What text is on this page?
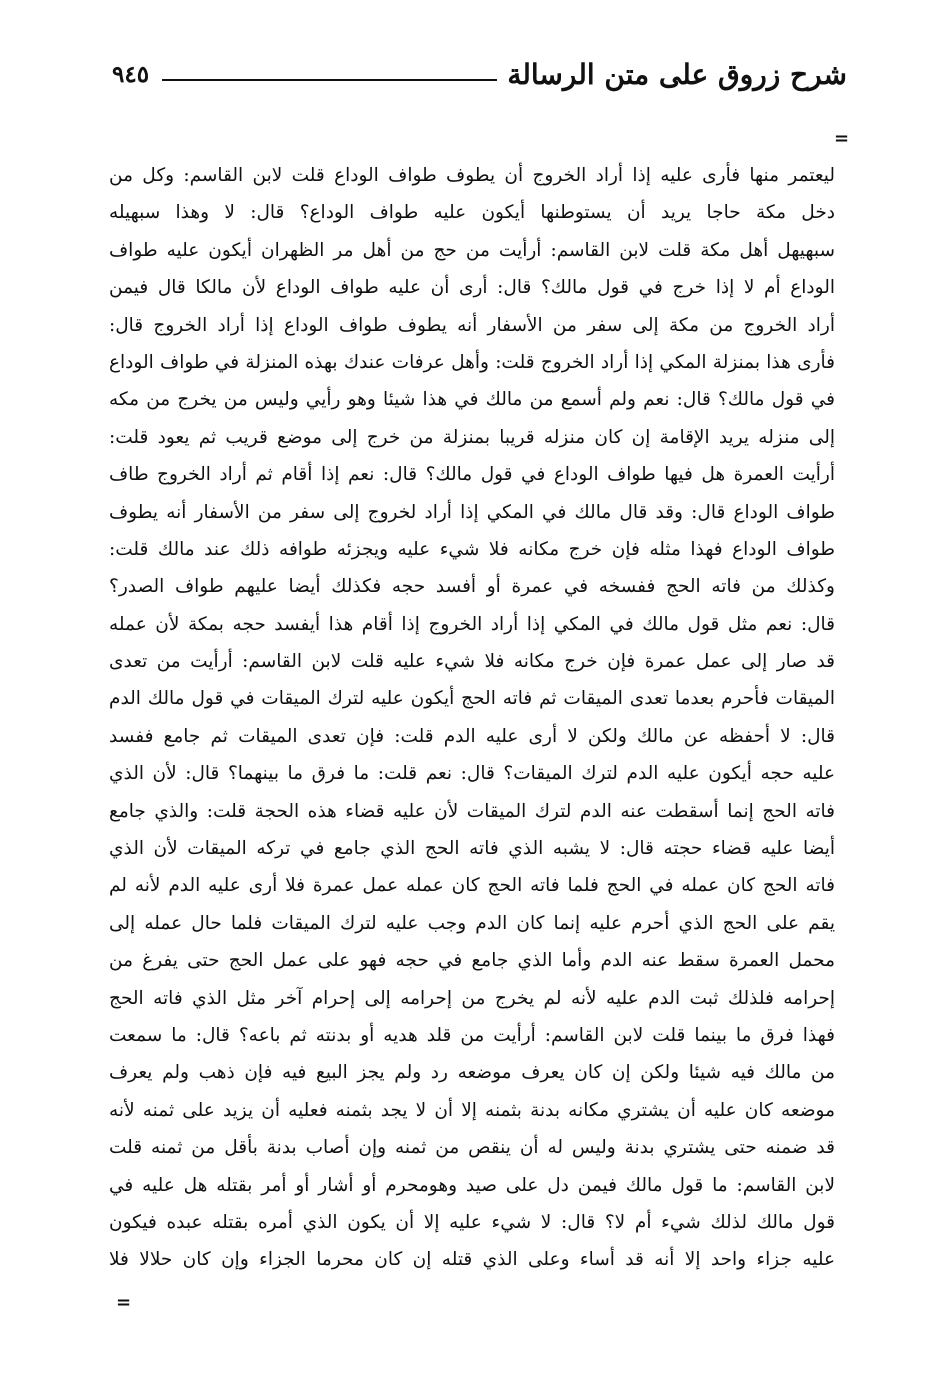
شرح زروق على متن الرسالة
٩٤٥
=
ليعتمر منها فأرى عليه إذا أراد الخروج أن يطوف طواف الوداع قلت لابن القاسم: وكل من
دخل مكة حاجا يريد أن يستوطنها أيكون عليه طواف الوداع؟ قال: لا وهذا سبهيله
سبهيهل أهل مكة قلت لابن القاسم: أرأيت من حج من أهل مر الظهران أيكون عليه طواف
الوداع أم لا إذا خرج في قول مالك؟ قال: أرى أن عليه طواف الوداع لأن مالكا قال فيمن
أراد الخروج من مكة إلى سفر من الأسفار أنه يطوف طواف الوداع إذا أراد الخروج قال:
فأرى هذا بمنزلة المكي إذا أراد الخروج قلت: وأهل عرفات عندك بهذه المنزلة في طواف الوداع
في قول مالك؟ قال: نعم ولم أسمع من مالك في هذا شيئا وهو رأيي وليس من يخرج من مكه
إلى منزله يريد الإقامة إن كان منزله قريبا بمنزلة من خرج إلى موضع قريب ثم يعود قلت:
أرأيت العمرة هل فيها طواف الوداع في قول مالك؟ قال: نعم إذا أقام ثم أراد الخروج طاف
طواف الوداع قال: وقد قال مالك في المكي إذا أراد لخروج إلى سفر من الأسفار أنه يطوف
طواف الوداع فهذا مثله فإن خرج مكانه فلا شيء عليه ويجزئه طوافه ذلك عند مالك قلت:
وكذلك من فاته الحج ففسخه في عمرة أو أفسد حجه فكذلك أيضا عليهم طواف الصدر؟
قال: نعم مثل قول مالك في المكي إذا أراد الخروج إذا أقام هذا أيفسد حجه بمكة لأن عمله
قد صار إلى عمل عمرة فإن خرج مكانه فلا شيء عليه قلت لابن القاسم: أرأيت من تعدى
الميقات فأحرم بعدما تعدى الميقات ثم فاته الحج أيكون عليه لترك الميقات في قول مالك الدم
قال: لا أحفظه عن مالك ولكن لا أرى عليه الدم قلت: فإن تعدى الميقات ثم جامع ففسد
عليه حجه أيكون عليه الدم لترك الميقات؟ قال: نعم قلت: ما فرق ما بينهما؟ قال: لأن الذي
فاته الحج إنما أسقطت عنه الدم لترك الميقات لأن عليه قضاء هذه الحجة قلت: والذي جامع
أيضا عليه قضاء حجته قال: لا يشبه الذي فاته الحج الذي جامع في تركه الميقات لأن الذي
فاته الحج كان عمله في الحج فلما فاته الحج كان عمله عمل عمرة فلا أرى عليه الدم لأنه لم
يقم على الحج الذي أحرم عليه إنما كان الدم وجب عليه لترك الميقات فلما حال عمله إلى
محمل العمرة سقط عنه الدم وأما الذي جامع في حجه فهو على عمل الحج حتى يفرغ من
إحرامه فلذلك ثبت الدم عليه لأنه لم يخرج من إحرامه إلى إحرام آخر مثل الذي فاته الحج
فهذا فرق ما بينما قلت لابن القاسم: أرأيت من قلد هديه أو بدنته ثم باعه؟ قال: ما سمعت
من مالك فيه شيئا ولكن إن كان يعرف موضعه رد ولم يجز البيع فيه فإن ذهب ولم يعرف
موضعه كان عليه أن يشتري مكانه بدنة بثمنه إلا أن لا يجد بثمنه فعليه أن يزيد على ثمنه لأنه
قد ضمنه حتى يشتري بدنة وليس له أن ينقص من ثمنه وإن أصاب بدنة بأقل من ثمنه قلت
لابن القاسم: ما قول مالك فيمن دل على صيد وهومحرم أو أشار أو أمر بقتله هل عليه في
قول مالك لذلك شيء أم لا؟ قال: لا شيء عليه إلا أن يكون الذي أمره بقتله عبده فيكون
عليه جزاء واحد إلا أنه قد أساء وعلى الذي قتله إن كان محرما الجزاء وإن كان حلالا فلا
=
